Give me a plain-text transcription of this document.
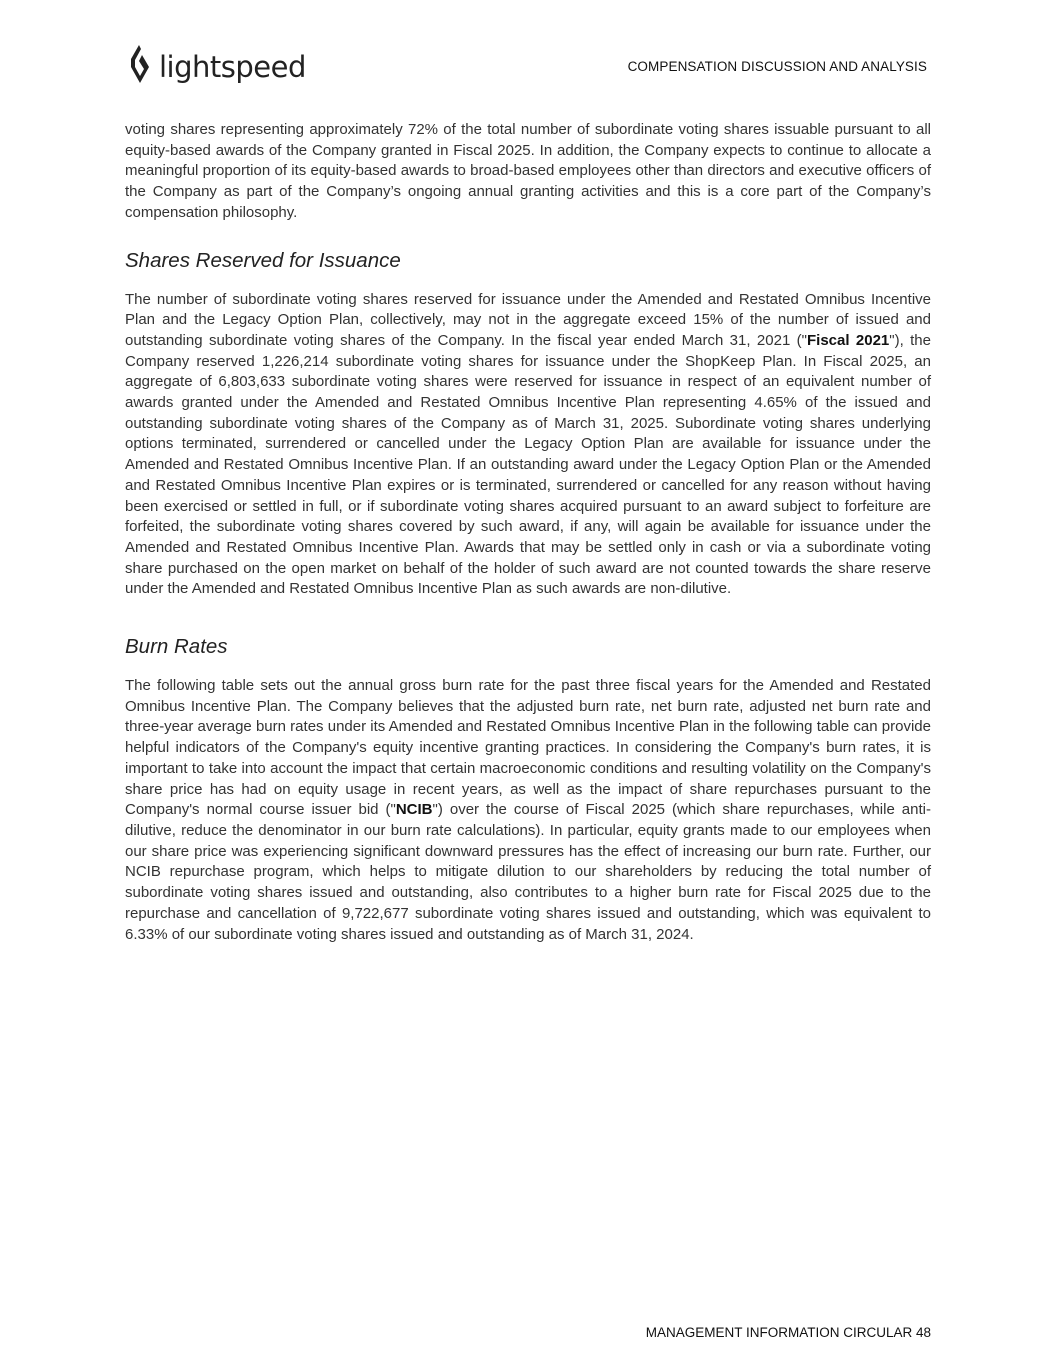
lightspeed	COMPENSATION DISCUSSION AND ANALYSIS

voting shares representing approximately 72% of the total number of subordinate voting shares issuable pursuant to all equity-based awards of the Company granted in Fiscal 2025. In addition, the Company expects to continue to allocate a meaningful proportion of its equity-based awards to broad-based employees other than directors and executive officers of the Company as part of the Company’s ongoing annual granting activities and this is a core part of the Company’s compensation philosophy.

Shares Reserved for Issuance

The number of subordinate voting shares reserved for issuance under the Amended and Restated Omnibus Incentive Plan and the Legacy Option Plan, collectively, may not in the aggregate exceed 15% of the number of issued and outstanding subordinate voting shares of the Company. In the fiscal year ended March 31, 2021 ("Fiscal 2021"), the Company reserved 1,226,214 subordinate voting shares for issuance under the ShopKeep Plan. In Fiscal 2025, an aggregate of 6,803,633 subordinate voting shares were reserved for issuance in respect of an equivalent number of awards granted under the Amended and Restated Omnibus Incentive Plan representing 4.65% of the issued and outstanding subordinate voting shares of the Company as of March 31, 2025. Subordinate voting shares underlying options terminated, surrendered or cancelled under the Legacy Option Plan are available for issuance under the Amended and Restated Omnibus Incentive Plan. If an outstanding award under the Legacy Option Plan or the Amended and Restated Omnibus Incentive Plan expires or is terminated, surrendered or cancelled for any reason without having been exercised or settled in full, or if subordinate voting shares acquired pursuant to an award subject to forfeiture are forfeited, the subordinate voting shares covered by such award, if any, will again be available for issuance under the Amended and Restated Omnibus Incentive Plan. Awards that may be settled only in cash or via a subordinate voting share purchased on the open market on behalf of the holder of such award are not counted towards the share reserve under the Amended and Restated Omnibus Incentive Plan as such awards are non-dilutive.

Burn Rates

The following table sets out the annual gross burn rate for the past three fiscal years for the Amended and Restated Omnibus Incentive Plan. The Company believes that the adjusted burn rate, net burn rate, adjusted net burn rate and three-year average burn rates under its Amended and Restated Omnibus Incentive Plan in the following table can provide helpful indicators of the Company's equity incentive granting practices. In considering the Company's burn rates, it is important to take into account the impact that certain macroeconomic conditions and resulting volatility on the Company's share price has had on equity usage in recent years, as well as the impact of share repurchases pursuant to the Company's normal course issuer bid ("NCIB") over the course of Fiscal 2025 (which share repurchases, while anti-dilutive, reduce the denominator in our burn rate calculations). In particular, equity grants made to our employees when our share price was experiencing significant downward pressures has the effect of increasing our burn rate. Further, our NCIB repurchase program, which helps to mitigate dilution to our shareholders by reducing the total number of subordinate voting shares issued and outstanding, also contributes to a higher burn rate for Fiscal 2025 due to the repurchase and cancellation of 9,722,677 subordinate voting shares issued and outstanding, which was equivalent to 6.33% of our subordinate voting shares issued and outstanding as of March 31, 2024.

MANAGEMENT INFORMATION CIRCULAR 48
